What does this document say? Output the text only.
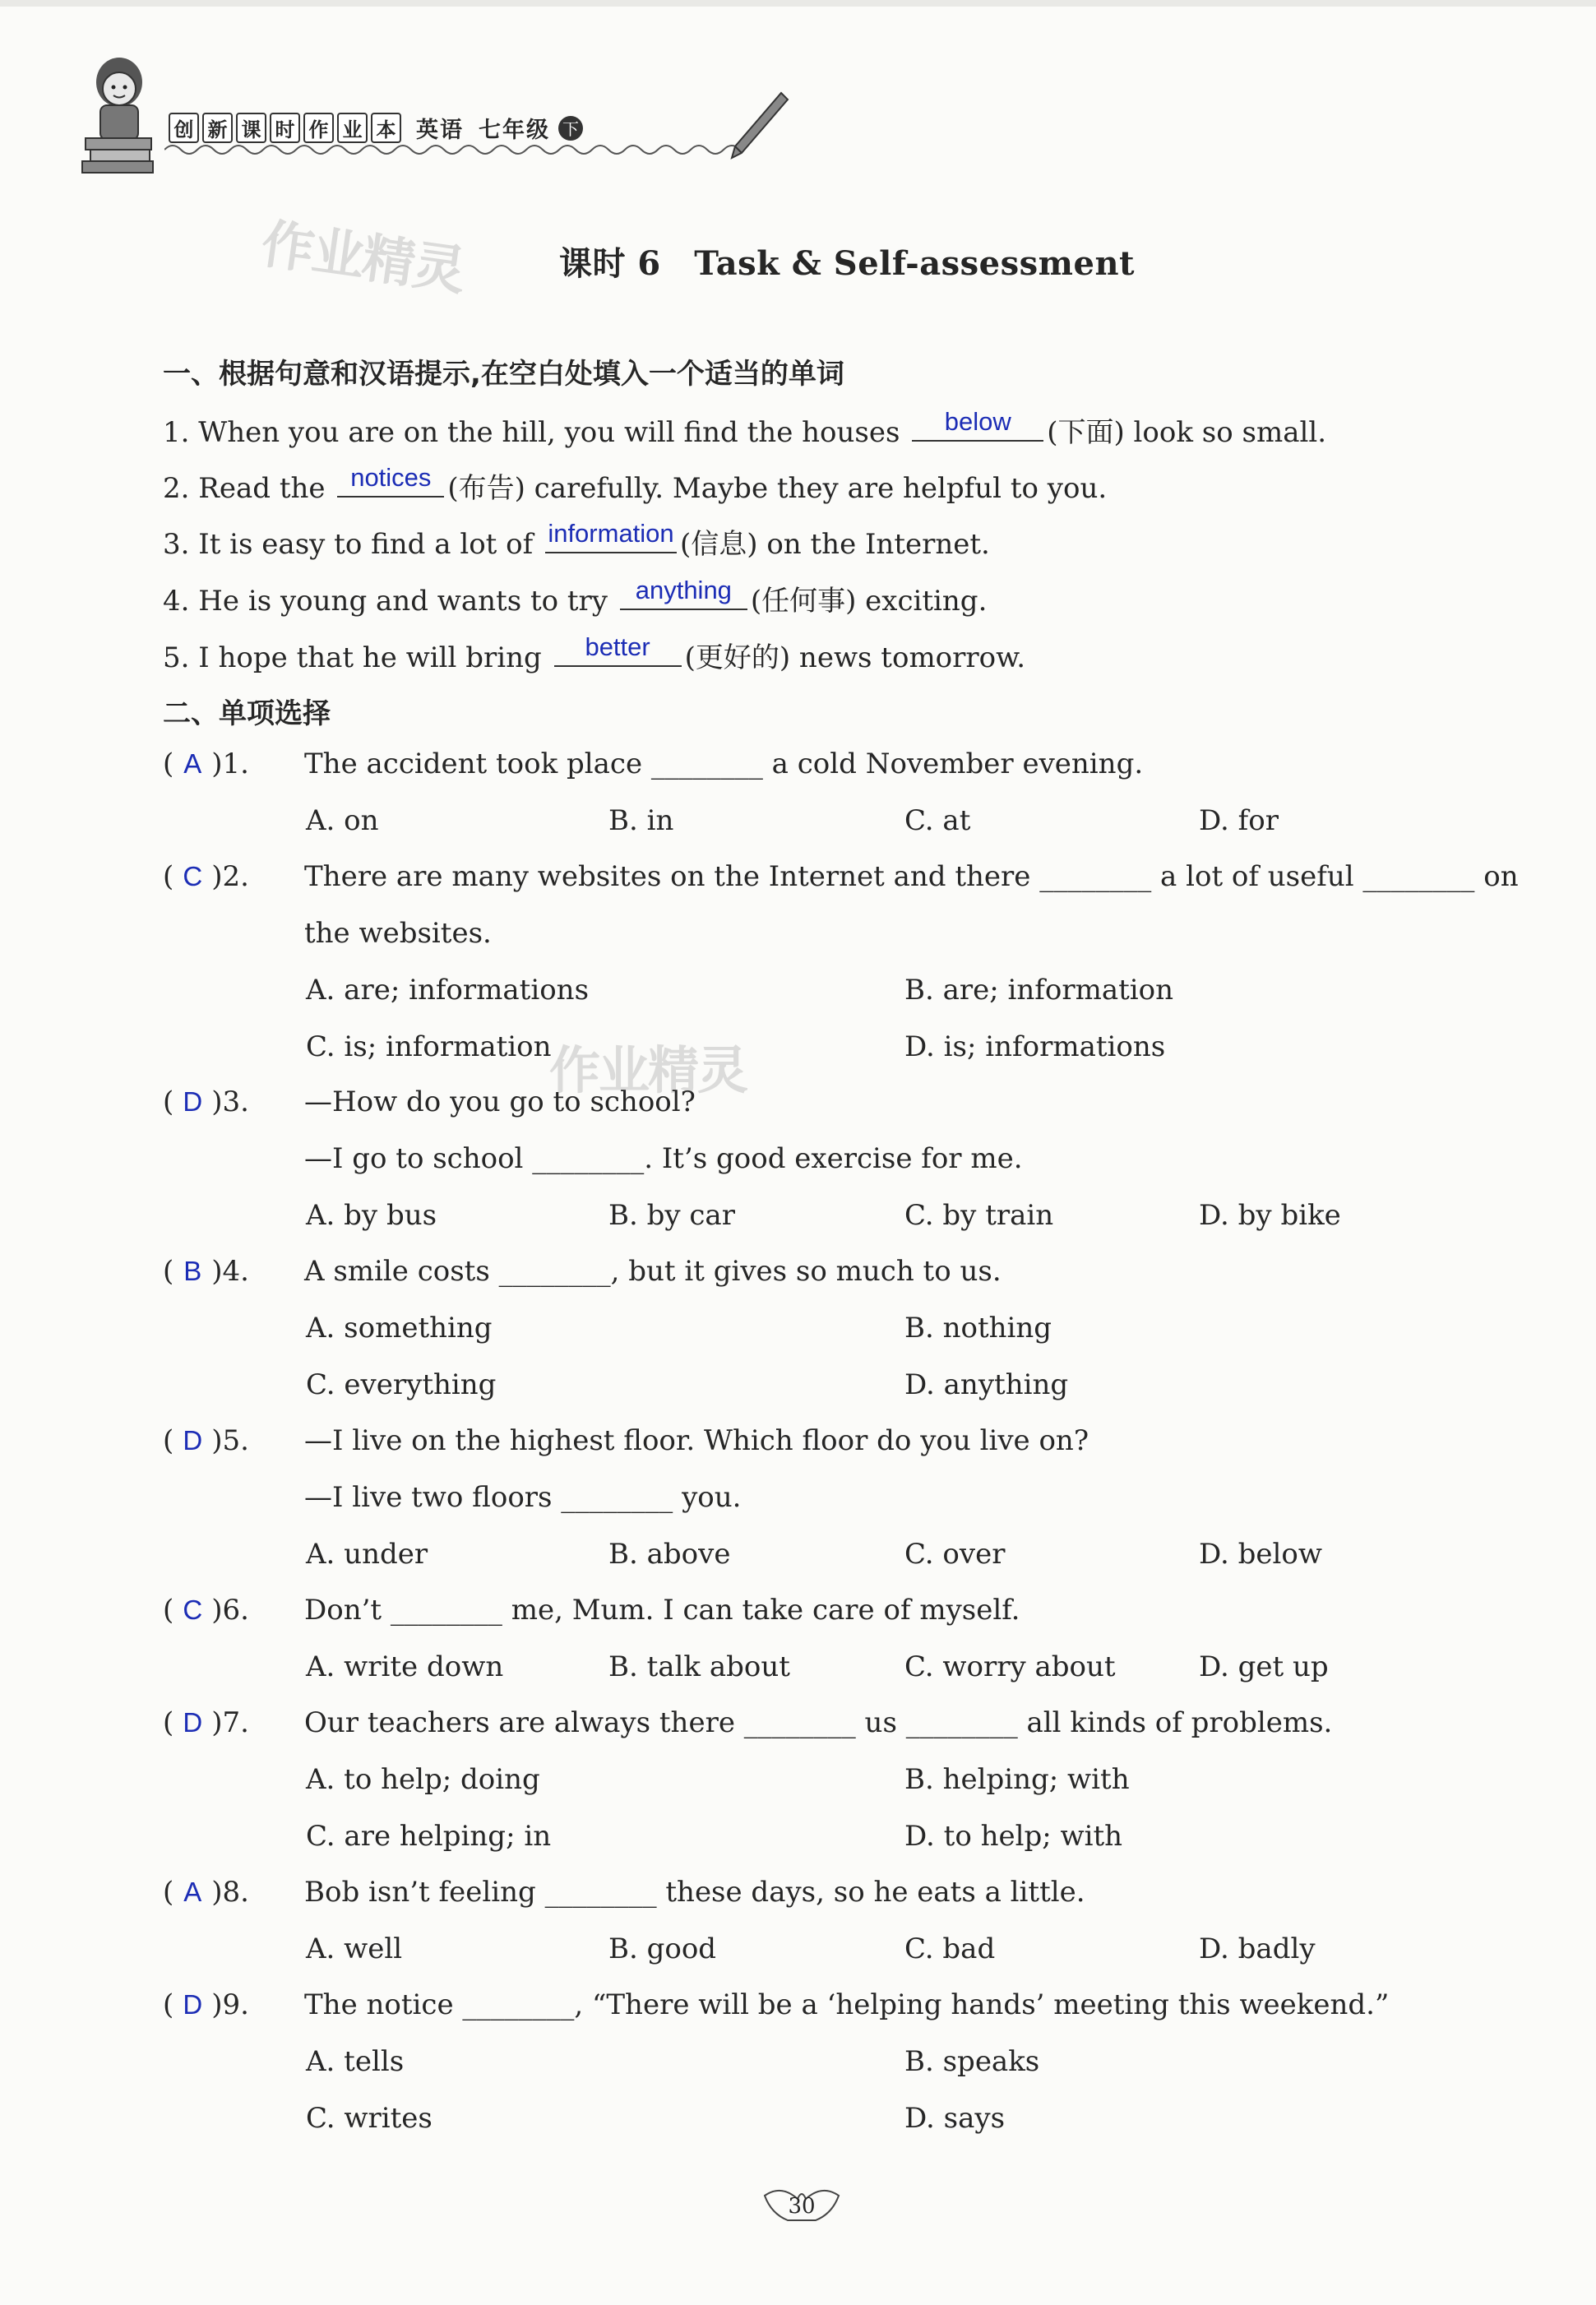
创 新 课 时 作 业 本 英语 七年级 下
作业精灵
作业精灵
课时 6　Task & Self-assessment
一、根据句意和汉语提示,在空白处填入一个适当的单词
1. When you are on the hill, you will find the houses	below	(下面) look so small.
2. Read the notices (布告) carefully. Maybe they are helpful to you.
3. It is easy to find a lot of information (信息) on the Internet.
4. He is young and wants to try	anything (任何事) exciting.
5. I hope that he will bring	better	(更好的) news tomorrow.
二、单项选择
( A )1. The accident took place ________ a cold November evening.
A. on	B. in	C. at	D. for
( C )2. There are many websites on the Internet and there ________ a lot of useful ________ on
the websites.
A. are; informations	B. are; information
C. is; information	D. is; informations
( D )3. —How do you go to school?
—I go to school ________. It’s good exercise for me.
A. by bus	B. by car	C. by train	D. by bike
( B )4. A smile costs ________, but it gives so much to us.
A. something	B. nothing
C. everything	D. anything
( D )5. —I live on the highest floor. Which floor do you live on?
—I live two floors ________ you.
A. under	B. above	C. over	D. below
( C )6. Don’t ________ me, Mum. I can take care of myself.
A. write down	B. talk about	C. worry about	D. get up
( D )7. Our teachers are always there ________ us ________ all kinds of problems.
A. to help; doing	B. helping; with
C. are helping; in	D. to help; with
( A )8. Bob isn’t feeling ________ these days, so he eats a little.
A. well	B. good	C. bad	D. badly
( D )9. The notice ________, “There will be a ‘helping hands’ meeting this weekend.”
A. tells	B. speaks
C. writes	D. says
30
